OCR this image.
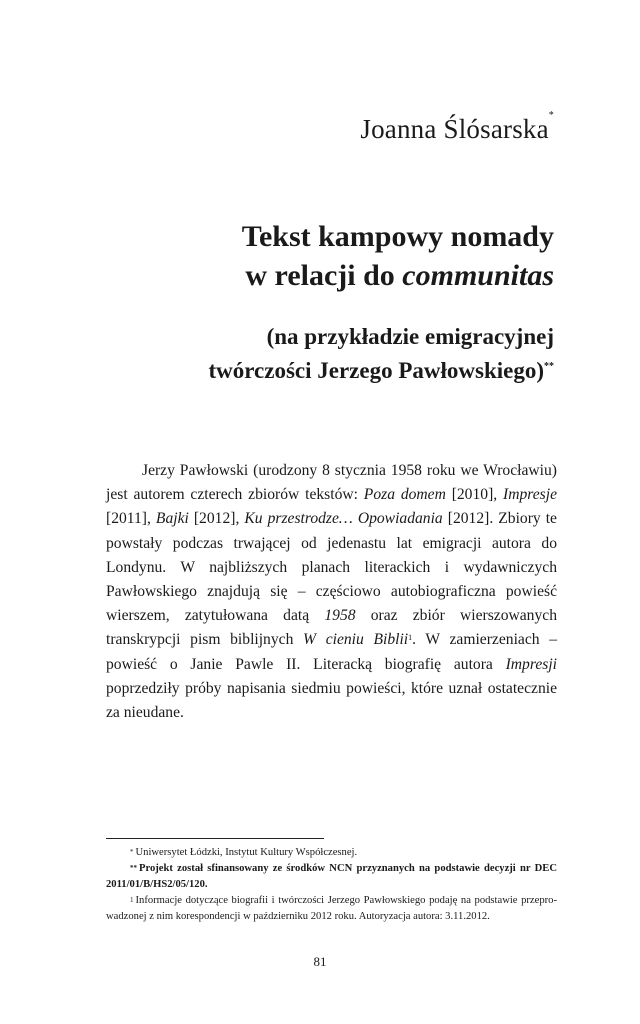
Joanna Ślósarska*
Tekst kampowy nomady
w relacji do communitas
(na przykładzie emigracyjnej
twórczości Jerzego Pawłowskiego)**

Jerzy Pawłowski (urodzony 8 stycznia 1958 roku we Wrocławiu) jest autorem czterech zbiorów tekstów: Poza domem [2010], Impresje [2011], Bajki [2012], Ku przestrodze… Opowiadania [2012]. Zbiory te powstały podczas trwającej od jedenastu lat emigracji autora do Londynu. W najbliższych planach literackich i wydawniczych Pawłowskiego znajdują się – częściowo autobiograficzna powieść wierszem, zatytułowana datą 1958 oraz zbiór wierszowanych transkrypcji pism biblijnych W cieniu Biblii$^1$. W zamierzeniach – powieść o Janie Pawle II. Literacką biografię autora Impresji poprzedziły próby napisania siedmiu powieści, które uznał ostatecznie za nieudane.

* Uniwersytet Łódzki, Instytut Kultury Współczesnej.

** Projekt został sfinansowany ze środków NCN przyznanych na podstawie decyzji nr DEC 2011/01/B/HS2/05/120.

$^1$ Informacje dotyczące biografii i twórczości Jerzego Pawłowskiego podaję na podstawie przeprowadzonej z nim korespondencji w październiku 2012 roku. Autoryzacja autora: 3.11.2012.

81
